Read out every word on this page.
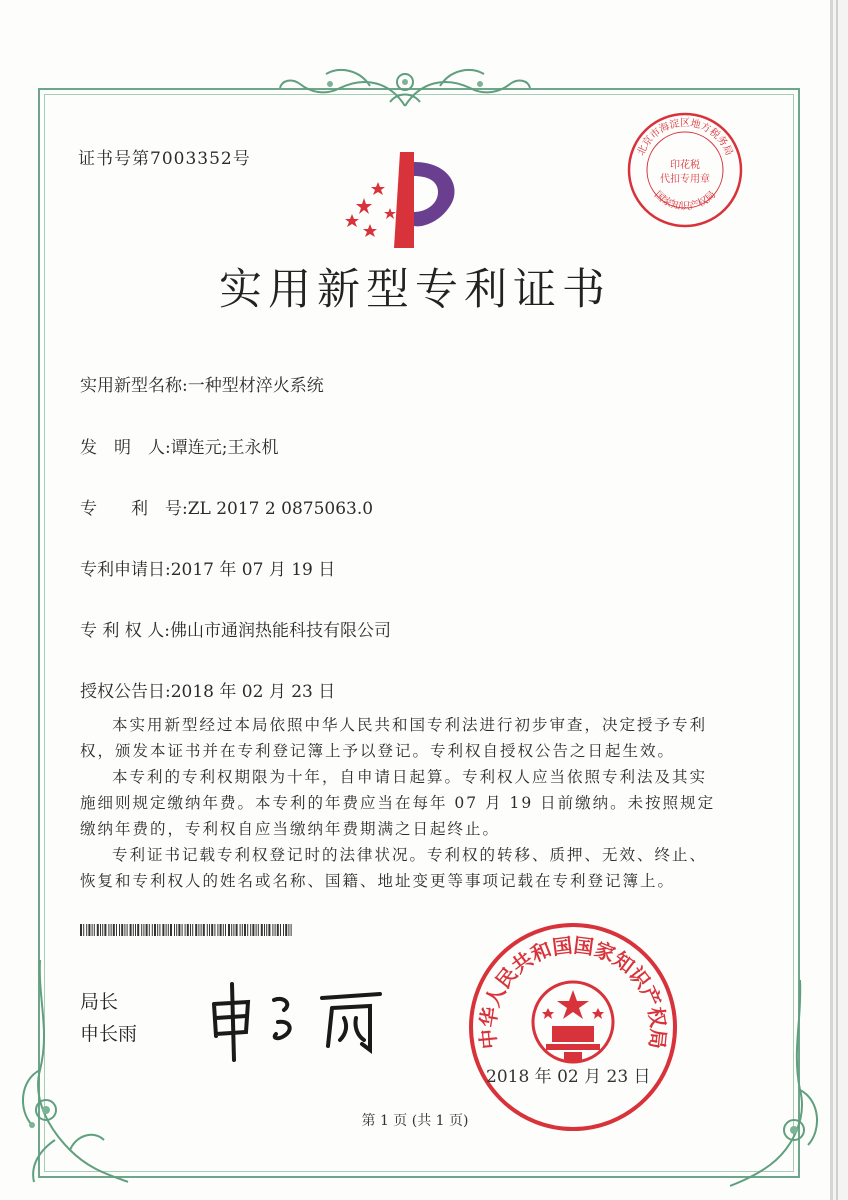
证书号第7003352号
实用新型专利证书
实用新型名称:一种型材淬火系统
发　明　人:谭连元;王永机
专　　利　号:ZL 2017 2 0875063.0
专利申请日:2017 年 07 月 19 日
专 利 权 人:佛山市通润热能科技有限公司
授权公告日:2018 年 02 月 23 日

本实用新型经过本局依照中华人民共和国专利法进行初步审查，决定授予专利权，颁发本证书并在专利登记簿上予以登记。专利权自授权公告之日起生效。

本专利的专利权期限为十年，自申请日起算。专利权人应当依照专利法及其实施细则规定缴纳年费。本专利的年费应当在每年 07 月 19 日前缴纳。未按照规定缴纳年费的，专利权自应当缴纳年费期满之日起终止。

专利证书记载专利权登记时的法律状况。专利权的转移、质押、无效、终止、恢复和专利权人的姓名或名称、国籍、地址变更等事项记载在专利登记簿上。

局长
申长雨
北京市海淀区地方税务局
国家知识产权局
印花税代扣专用章
中华人民共和国国家知识产权局
2018 年 02 月 23 日
第 1 页 (共 1 页)
